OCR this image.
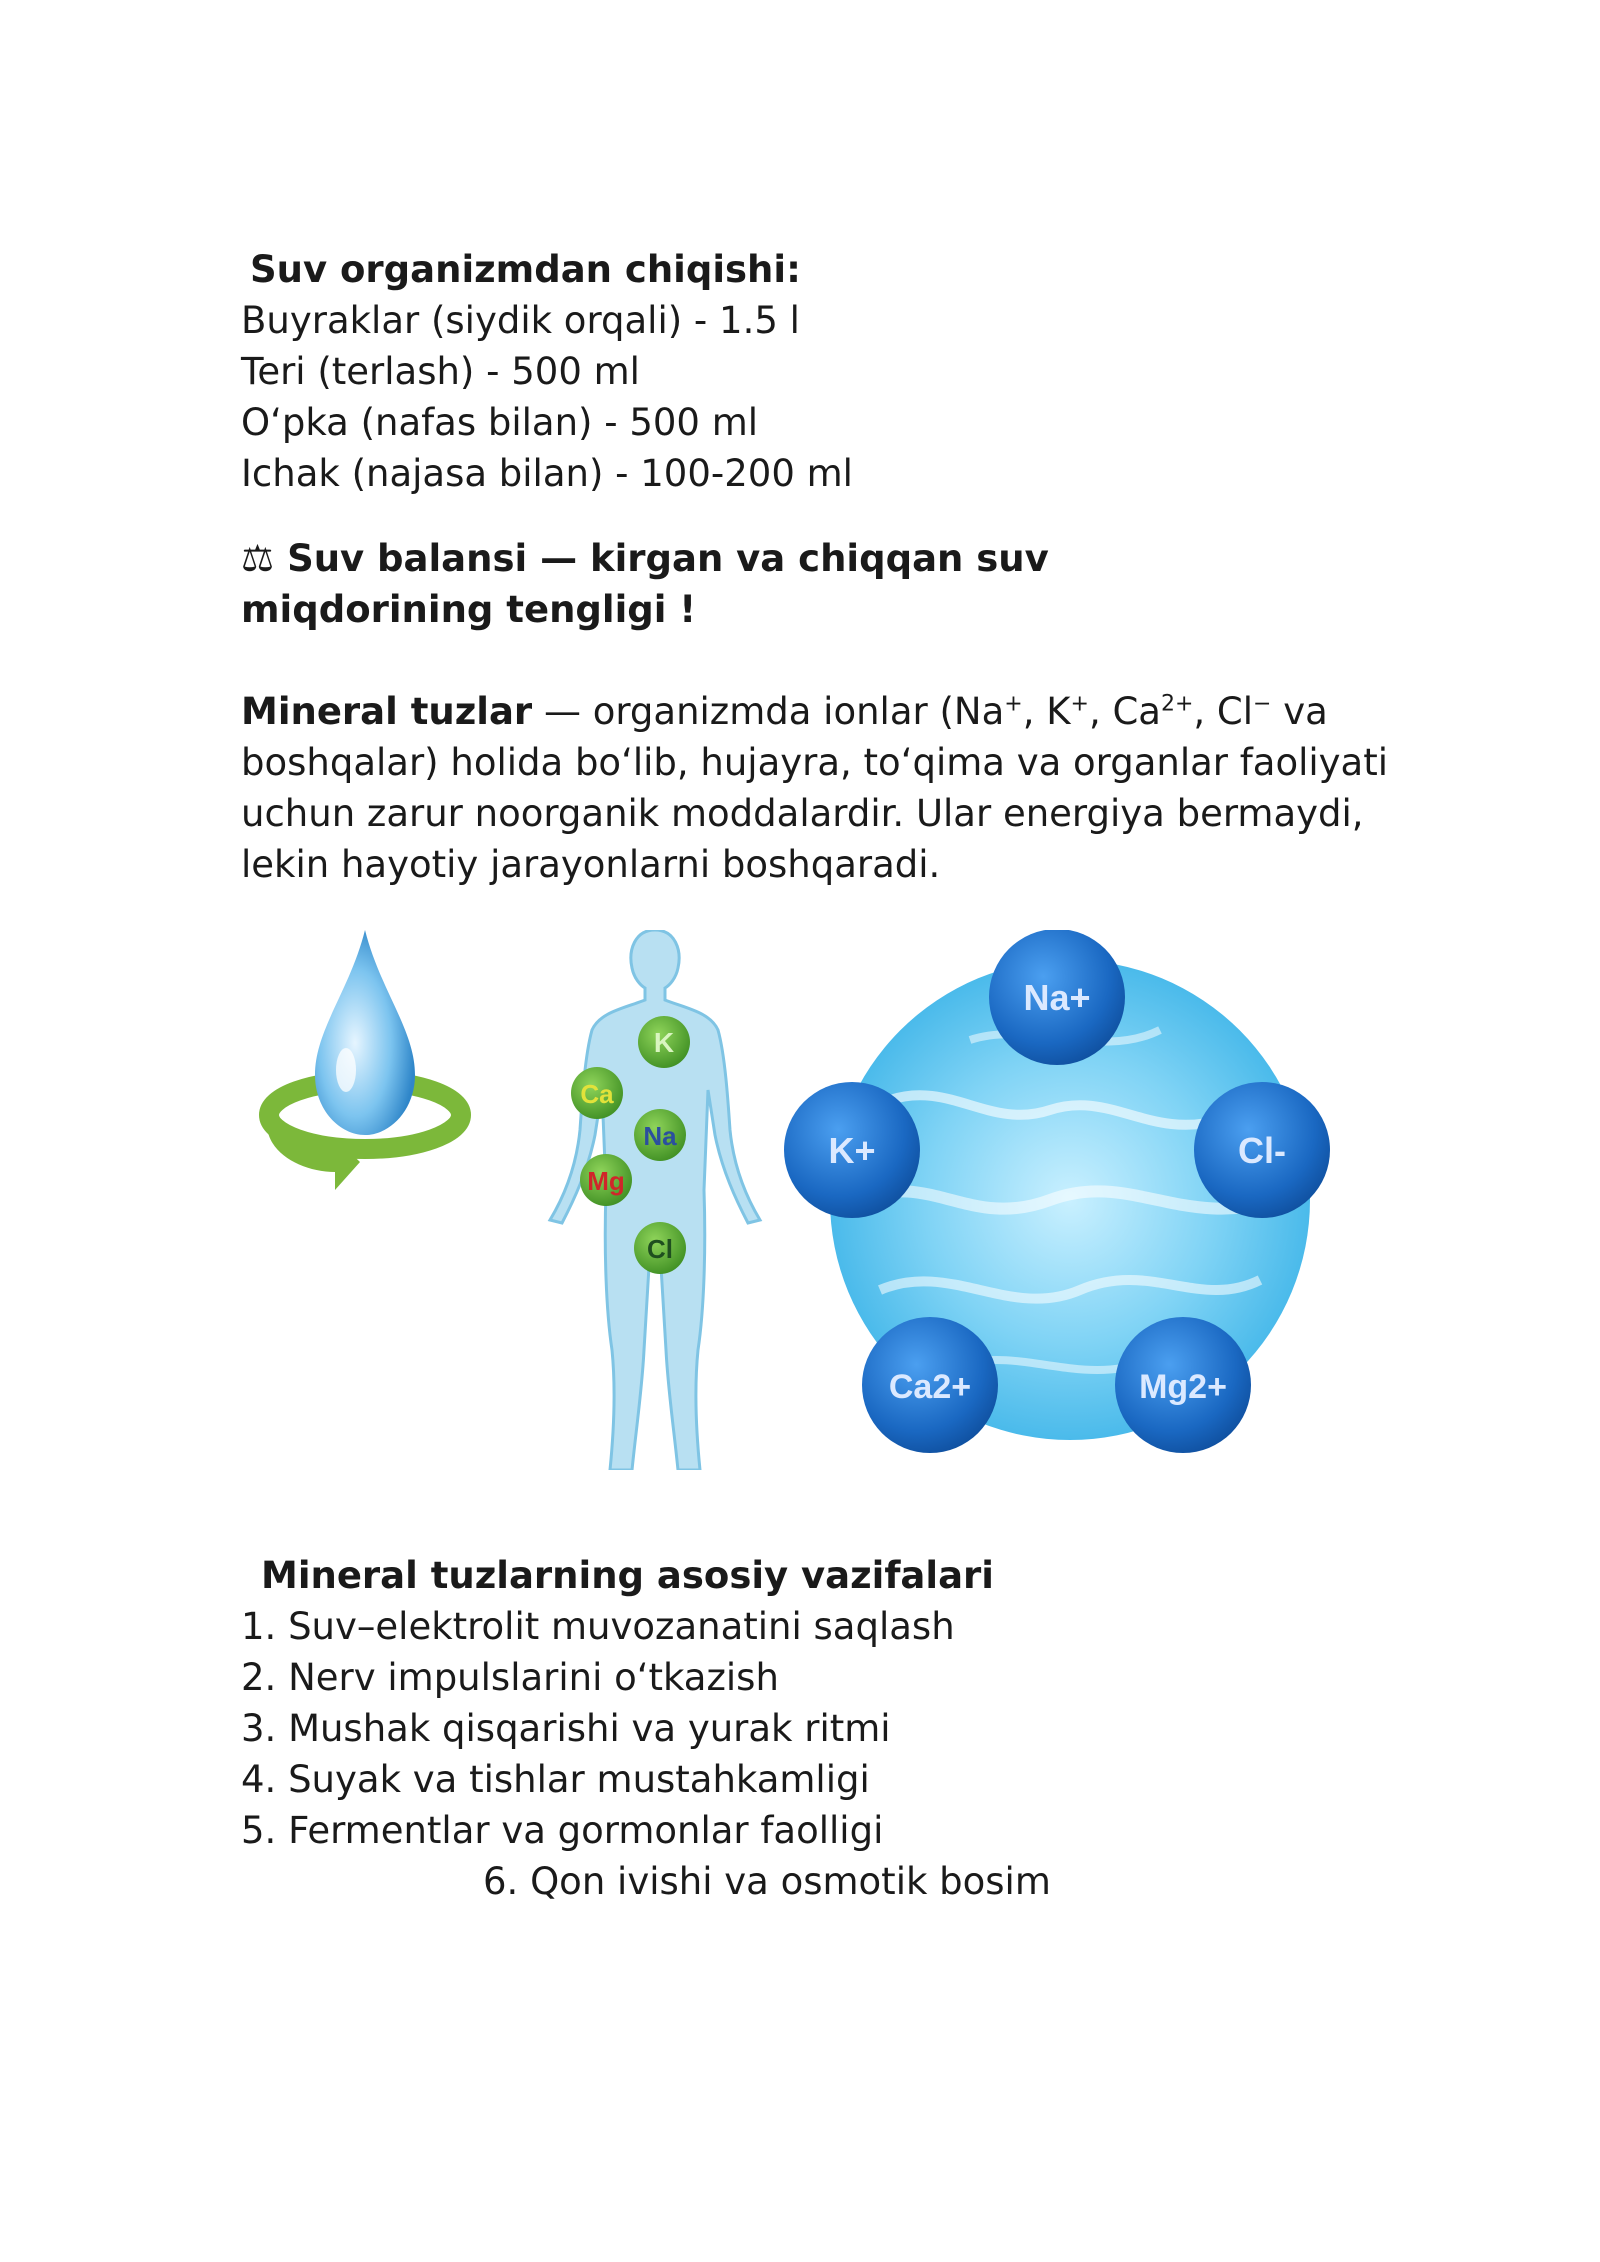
Suv organizmdan chiqishi:
Buyraklar (siydik orqali) - 1.5 l
Teri (terlash) - 500 ml
O‘pka (nafas bilan) - 500 ml
Ichak (najasa bilan) - 100-200 ml
⚖ Suv balansi — kirgan va chiqqan suv miqdorining tengligi !

Mineral tuzlar — organizmda ionlar (Na+, K+, $Ca^{2+}$, Cl− va boshqalar) holida bo‘lib, hujayra, to‘qima va organlar faoliyati uchun zarur noorganik moddalardir. Ular energiya bermaydi, lekin hayotiy jarayonlarni boshqaradi.

K
Ca
Na
Mg
Cl
Na+
K+	Cl-
Ca2+	Mg2+
Mineral tuzlarning asosiy vazifalari
1. Suv–elektrolit muvozanatini saqlash
2. Nerv impulslarini o‘tkazish
3. Mushak qisqarishi va yurak ritmi
4. Suyak va tishlar mustahkamligi
5. Fermentlar va gormonlar faolligi
6. Qon ivishi va osmotik bosim
